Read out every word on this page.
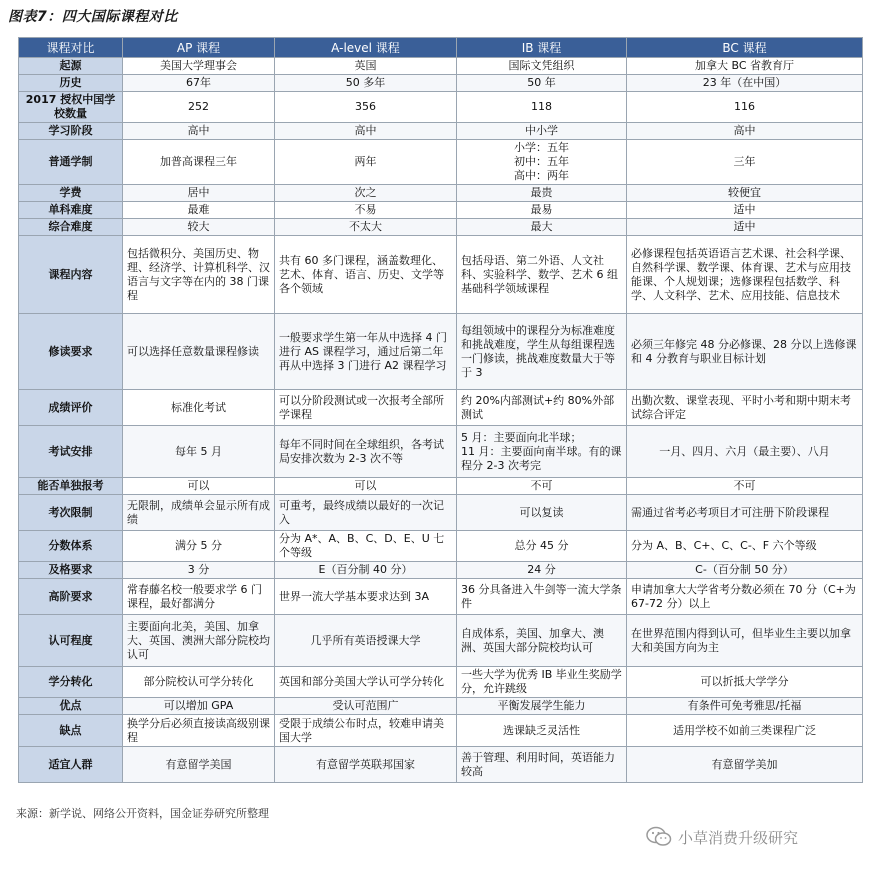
图表7：四大国际课程对比
课程对比	AP 课程	A-level 课程	IB 课程	BC 课程
起源	美国大学理事会	英国	国际文凭组织	加拿大 BC 省教育厅
历史	67年	50 多年	50 年	23 年（在中国）
2017 授权中国学校数量	252	356	118	116
学习阶段	高中	高中	中小学	高中
普通学制	加普高课程三年	两年	小学：五年
初中：五年
高中：两年	三年
学费	居中	次之	最贵	较便宜
单科难度	最难	不易	最易	适中
综合难度	较大	不太大	最大	适中
课程内容	包括微积分、美国历史、物理、经济学、计算机科学、汉语言与文字等在内的 38 门课程	共有 60 多门课程，涵盖数理化、艺术、体育、语言、历史、文学等各个领域	包括母语、第二外语、人文社科、实验科学、数学、艺术 6 组基础科学领域课程	必修课程包括英语语言艺术课、社会科学课、自然科学课、数学课、体育课、艺术与应用技能课、个人规划课；选修课程包括数学、科学、人文科学、艺术、应用技能、信息技术
修读要求	可以选择任意数量课程修读	一般要求学生第一年从中选择 4 门进行 AS 课程学习，通过后第二年再从中选择 3 门进行 A2 课程学习	每组领域中的课程分为标准难度和挑战难度，学生从每组课程选一门修读，挑战难度数量大于等于 3	必须三年修完 48 分必修课、28 分以上选修课和 4 分教育与职业目标计划
成绩评价	标准化考试	可以分阶段测试或一次报考全部所学课程	约 20%内部测试+约 80%外部测试	出勤次数、课堂表现、平时小考和期中期末考试综合评定
考试安排	每年 5 月	每年不同时间在全球组织，各考试局安排次数为 2-3 次不等	5 月：主要面向北半球；
11 月：主要面向南半球。有的课程分 2-3 次考完	一月、四月、六月（最主要）、八月
能否单独报考	可以	可以	不可	不可
考次限制	无限制，成绩单会显示所有成绩	可重考，最终成绩以最好的一次记入	可以复读	需通过省考必考项目才可注册下阶段课程
分数体系	满分 5 分	分为 A*、A、B、C、D、E、U 七个等级	总分 45 分	分为 A、B、C+、C、C-、F 六个等级
及格要求	3 分	E（百分制 40 分）	24 分	C-（百分制 50 分）
高阶要求	常春藤名校一般要求学 6 门课程，最好都满分	世界一流大学基本要求达到 3A	36 分具备进入牛剑等一流大学条件	申请加拿大大学省考分数必须在 70 分（C+为 67-72 分）以上
认可程度	主要面向北美，美国、加拿大、英国、澳洲大部分院校均认可	几乎所有英语授课大学	自成体系，美国、加拿大、澳洲、英国大部分院校均认可	在世界范围内得到认可，但毕业生主要以加拿大和美国方向为主
学分转化	部分院校认可学分转化	英国和部分美国大学认可学分转化	一些大学为优秀 IB 毕业生奖励学分，允许跳级	可以折抵大学学分
优点	可以增加 GPA	受认可范围广	平衡发展学生能力	有条件可免考雅思/托福
缺点	换学分后必须直接读高级别课程	受限于成绩公布时点，较难申请美国大学	选课缺乏灵活性	适用学校不如前三类课程广泛
适宜人群	有意留学美国	有意留学英联邦国家	善于管理、利用时间，英语能力较高	有意留学美加
来源：新学说、网络公开资料，国金证券研究所整理
小草消费升级研究
